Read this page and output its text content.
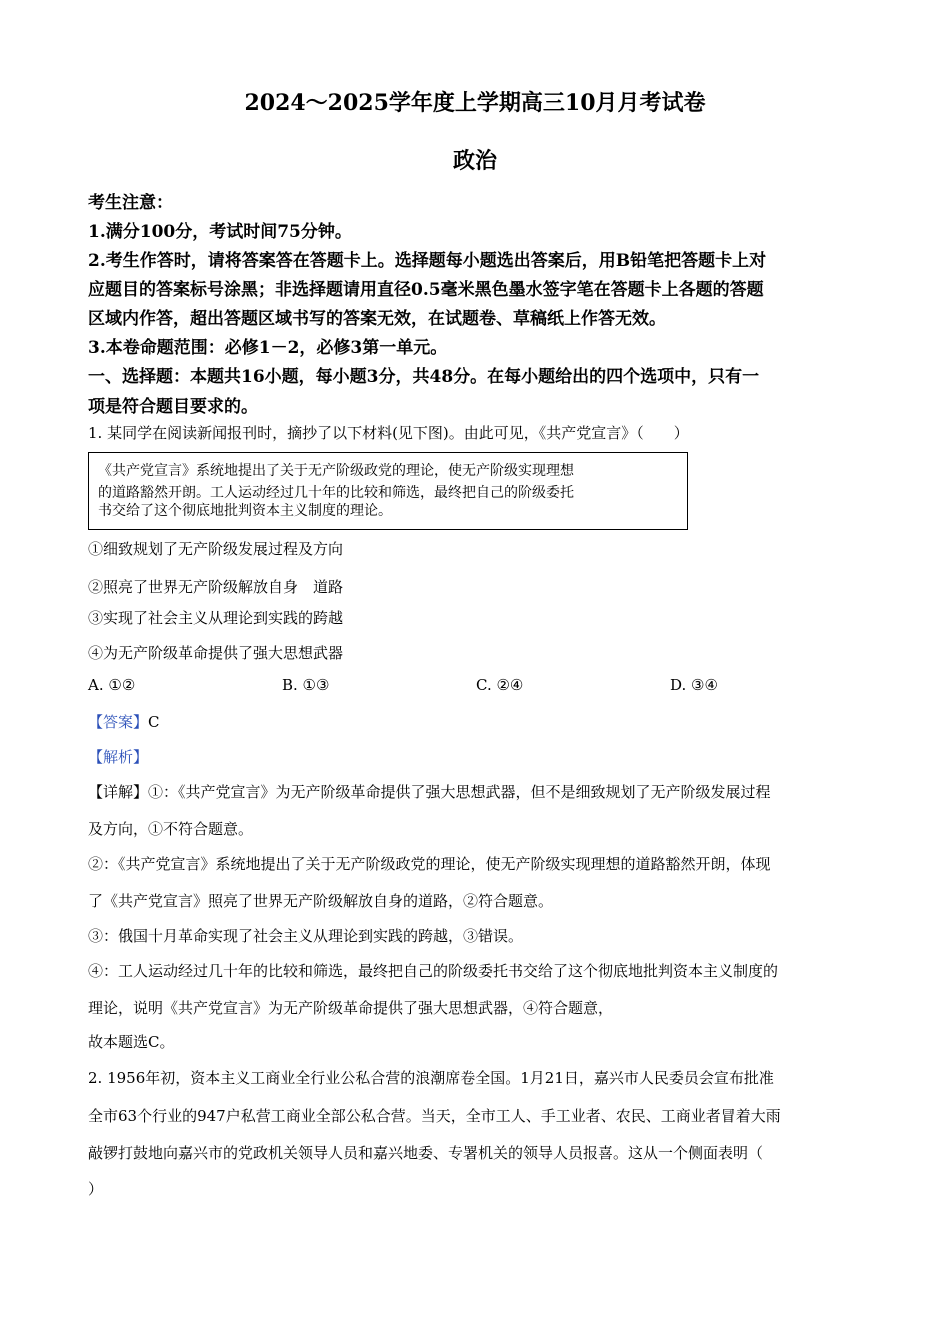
2024～2025学年度上学期高三10月月考试卷
政治
考生注意：
1.满分100分，考试时间75分钟。
2.考生作答时，请将答案答在答题卡上。选择题每小题选出答案后，用B铅笔把答题卡上对
应题目的答案标号涂黑；非选择题请用直径0.5毫米黑色墨水签字笔在答题卡上各题的答题
区域内作答，超出答题区域书写的答案无效，在试题卷、草稿纸上作答无效。
3.本卷命题范围：必修1－2，必修3第一单元。
一、选择题：本题共16小题，每小题3分，共48分。在每小题给出的四个选项中，只有一
项是符合题目要求的。
1. 某同学在阅读新闻报刊时，摘抄了以下材料(见下图)。由此可见，《共产党宣言》（　　）
《共产党宣言》系统地提出了关于无产阶级政党的理论，使无产阶级实现理想
的道路豁然开朗。工人运动经过几十年的比较和筛选，最终把自己的阶级委托
书交给了这个彻底地批判资本主义制度的理论。
①细致规划了无产阶级发展过程及方向
②照亮了世界无产阶级解放自身　道路
③实现了社会主义从理论到实践的跨越
④为无产阶级革命提供了强大思想武器
A. ①②	B. ①③	C. ②④	D. ③④
【答案】C
【解析】
【详解】①：《共产党宣言》为无产阶级革命提供了强大思想武器，但不是细致规划了无产阶级发展过程
及方向，①不符合题意。
②：《共产党宣言》系统地提出了关于无产阶级政党的理论，使无产阶级实现理想的道路豁然开朗，体现
了《共产党宣言》照亮了世界无产阶级解放自身的道路，②符合题意。
③：俄国十月革命实现了社会主义从理论到实践的跨越，③错误。
④：工人运动经过几十年的比较和筛选，最终把自己的阶级委托书交给了这个彻底地批判资本主义制度的
理论，说明《共产党宣言》为无产阶级革命提供了强大思想武器，④符合题意，
故本题选C。
2. 1956年初，资本主义工商业全行业公私合营的浪潮席卷全国。1月21日，嘉兴市人民委员会宣布批准
全市63个行业的947户私营工商业全部公私合营。当天，全市工人、手工业者、农民、工商业者冒着大雨
敲锣打鼓地向嘉兴市的党政机关领导人员和嘉兴地委、专署机关的领导人员报喜。这从一个侧面表明（
）
